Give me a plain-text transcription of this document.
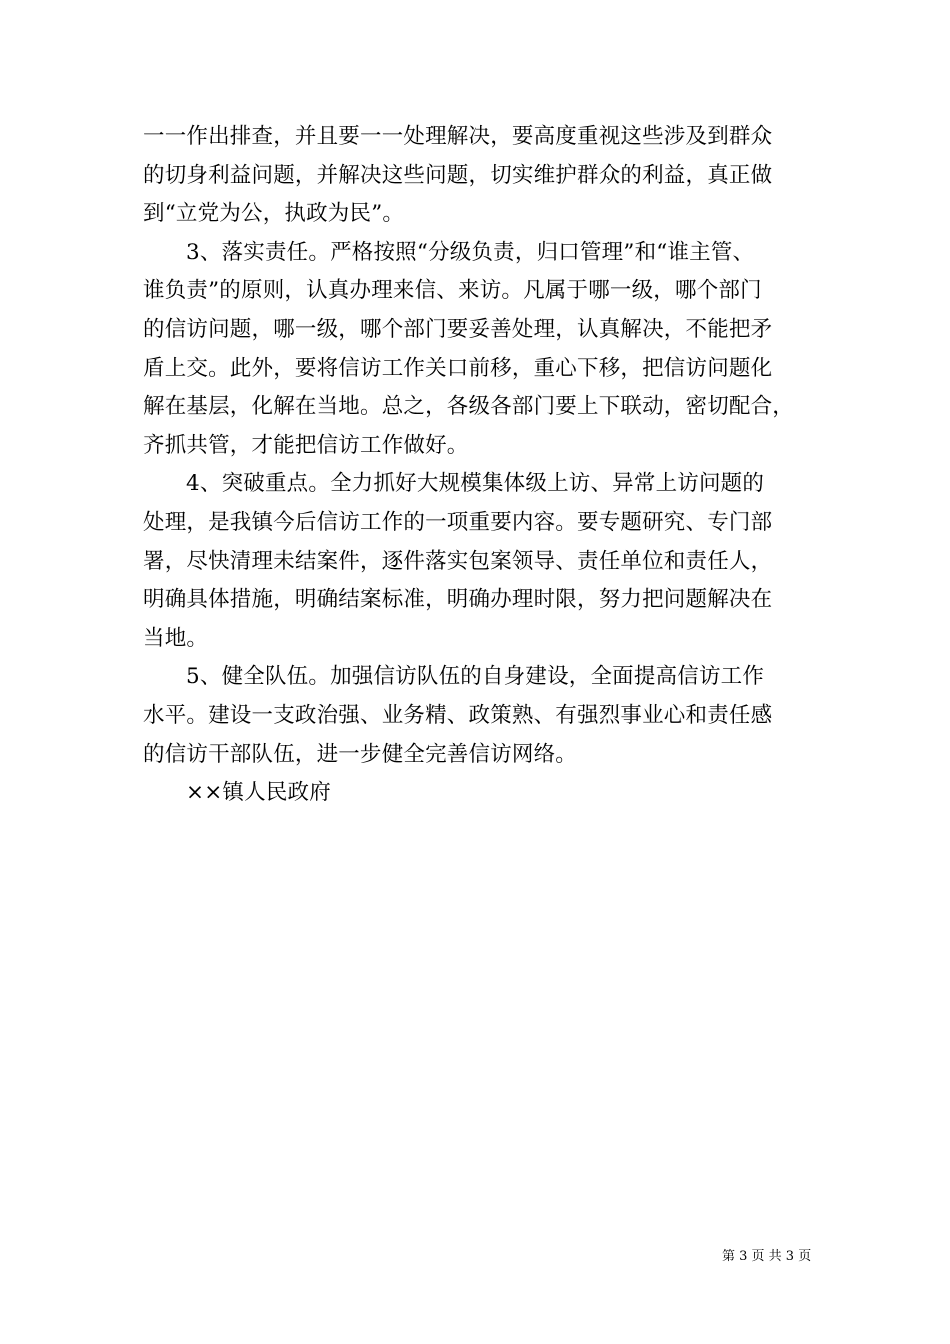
一一作出排查，并且要一一处理解决，要高度重视这些涉及到群众
的切身利益问题，并解决这些问题，切实维护群众的利益，真正做
到“立党为公，执政为民”。
3、落实责任。严格按照“分级负责，归口管理”和“谁主管、
谁负责”的原则，认真办理来信、来访。凡属于哪一级，哪个部门
的信访问题，哪一级，哪个部门要妥善处理，认真解决，不能把矛
盾上交。此外，要将信访工作关口前移，重心下移，把信访问题化
解在基层，化解在当地。总之，各级各部门要上下联动，密切配合，
齐抓共管，才能把信访工作做好。
4、突破重点。全力抓好大规模集体级上访、异常上访问题的
处理，是我镇今后信访工作的一项重要内容。要专题研究、专门部
署，尽快清理未结案件，逐件落实包案领导、责任单位和责任人，
明确具体措施，明确结案标准，明确办理时限，努力把问题解决在
当地。
5、健全队伍。加强信访队伍的自身建设，全面提高信访工作
水平。建设一支政治强、业务精、政策熟、有强烈事业心和责任感
的信访干部队伍，进一步健全完善信访网络。
××镇人民政府
第 3 页 共 3 页
